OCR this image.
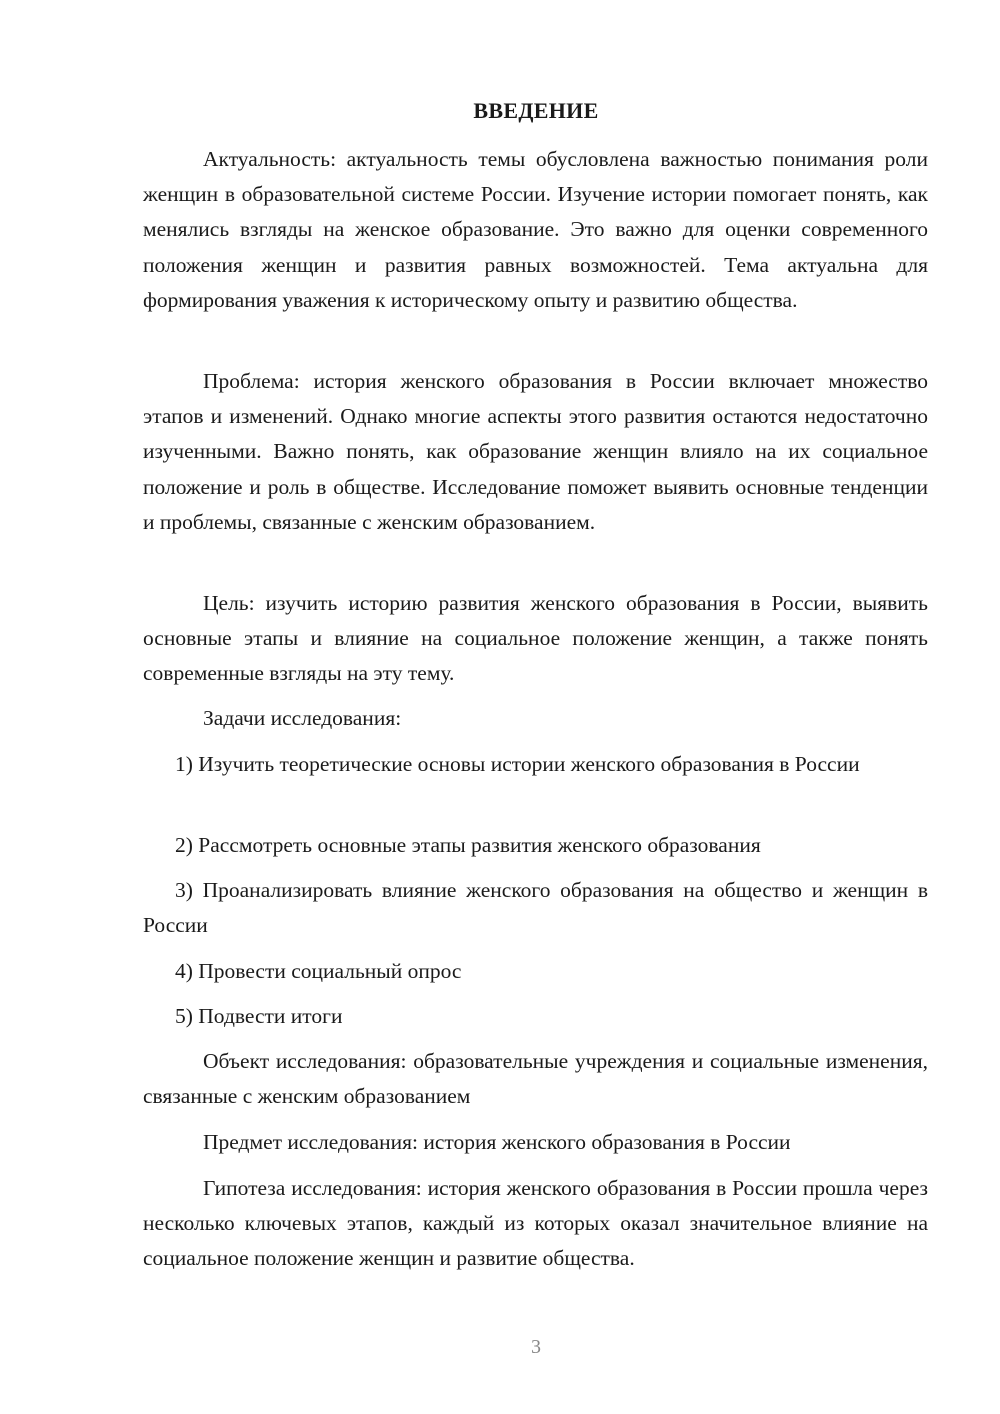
ВВЕДЕНИЕ

Актуальность: актуальность темы обусловлена важностью понимания роли женщин в образовательной системе России. Изучение истории помогает понять, как менялись взгляды на женское образование. Это важно для оценки современного положения женщин и развития равных возможностей. Тема актуальна для формирования уважения к историческому опыту и развитию общества.

Проблема: история женского образования в России включает множество этапов и изменений. Однако многие аспекты этого развития остаются недостаточно изученными. Важно понять, как образование женщин влияло на их социальное положение и роль в обществе. Исследование поможет выявить основные тенденции и проблемы, связанные с женским образованием.

Цель: изучить историю развития женского образования в России, выявить основные этапы и влияние на социальное положение женщин, а также понять современные взгляды на эту тему.

Задачи исследования:

1) Изучить теоретические основы истории женского образования в России

2) Рассмотреть основные этапы развития женского образования

3) Проанализировать влияние женского образования на общество и женщин в России

4) Провести социальный опрос

5) Подвести итоги

Объект исследования: образовательные учреждения и социальные изменения, связанные с женским образованием

Предмет исследования: история женского образования в России

Гипотеза исследования: история женского образования в России прошла через несколько ключевых этапов, каждый из которых оказал значительное влияние на социальное положение женщин и развитие общества.

3
